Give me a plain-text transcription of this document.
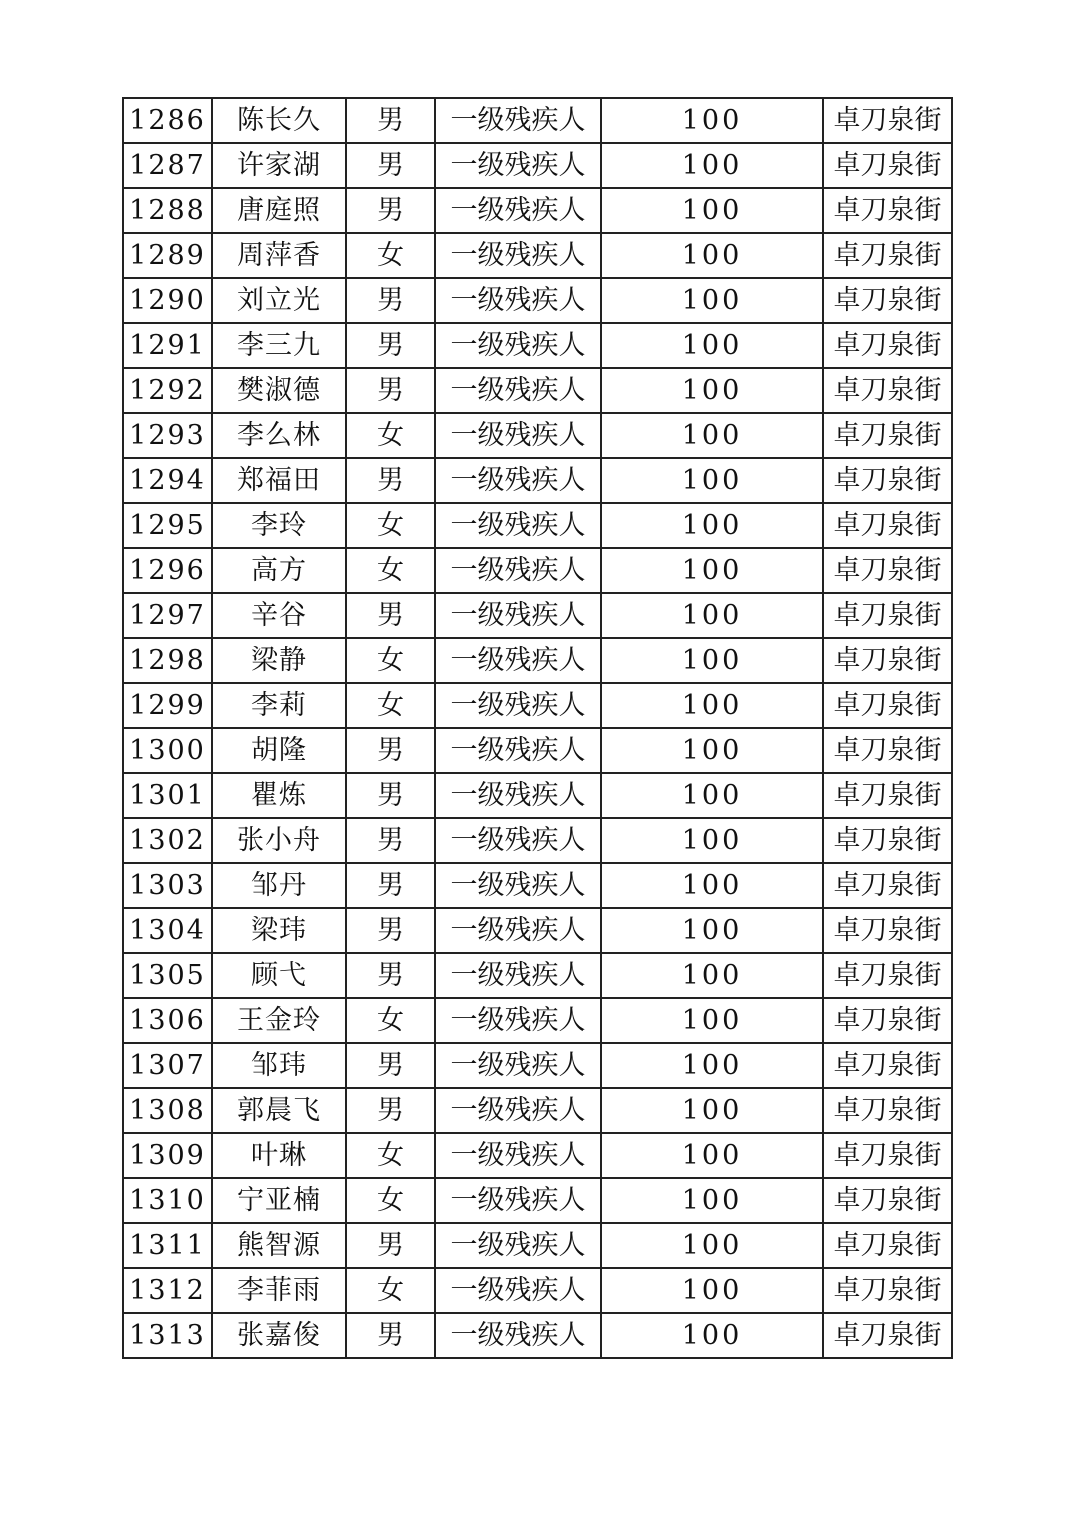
1286	陈长久	男	一级残疾人	100	卓刀泉街
1287	许家湖	男	一级残疾人	100	卓刀泉街
1288	唐庭照	男	一级残疾人	100	卓刀泉街
1289	周萍香	女	一级残疾人	100	卓刀泉街
1290	刘立光	男	一级残疾人	100	卓刀泉街
1291	李三九	男	一级残疾人	100	卓刀泉街
1292	樊淑德	男	一级残疾人	100	卓刀泉街
1293	李么林	女	一级残疾人	100	卓刀泉街
1294	郑福田	男	一级残疾人	100	卓刀泉街
1295	李玲	女	一级残疾人	100	卓刀泉街
1296	高方	女	一级残疾人	100	卓刀泉街
1297	辛谷	男	一级残疾人	100	卓刀泉街
1298	梁静	女	一级残疾人	100	卓刀泉街
1299	李莉	女	一级残疾人	100	卓刀泉街
1300	胡隆	男	一级残疾人	100	卓刀泉街
1301	瞿炼	男	一级残疾人	100	卓刀泉街
1302	张小舟	男	一级残疾人	100	卓刀泉街
1303	邹丹	男	一级残疾人	100	卓刀泉街
1304	梁玮	男	一级残疾人	100	卓刀泉街
1305	顾弋	男	一级残疾人	100	卓刀泉街
1306	王金玲	女	一级残疾人	100	卓刀泉街
1307	邹玮	男	一级残疾人	100	卓刀泉街
1308	郭晨飞	男	一级残疾人	100	卓刀泉街
1309	叶琳	女	一级残疾人	100	卓刀泉街
1310	宁亚楠	女	一级残疾人	100	卓刀泉街
1311	熊智源	男	一级残疾人	100	卓刀泉街
1312	李菲雨	女	一级残疾人	100	卓刀泉街
1313	张嘉俊	男	一级残疾人	100	卓刀泉街
